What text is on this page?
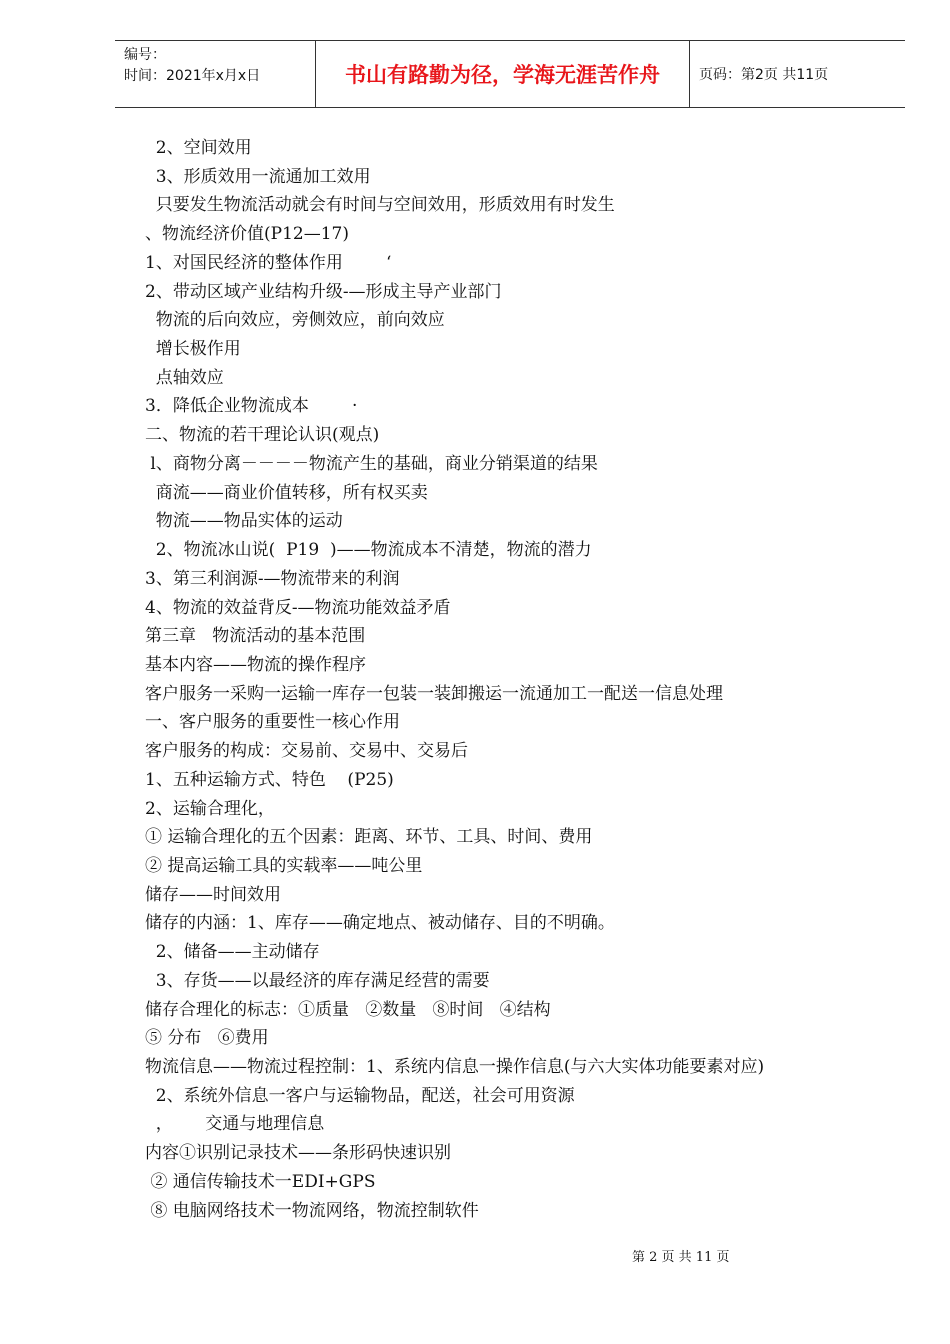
编号：
时间：2021年x月x日	书山有路勤为径，学海无涯苦作舟	页码：第2页 共11页
2、空间效用
3、形质效用一流通加工效用
只要发生物流活动就会有时间与空间效用，形质效用有时发生
、物流经济价值(P12—17)
1、对国民经济的整体作用        ‘
2、带动区域产业结构升级-—形成主导产业部门
物流的后向效应，旁侧效应，前向效应
增长极作用
点轴效应
3．降低企业物流成本        ·
二、物流的若干理论认识(观点)
l、商物分离－－－－物流产生的基础，商业分销渠道的结果
商流——商业价值转移，所有权买卖
物流——物品实体的运动
2、物流冰山说(  P19  )——物流成本不清楚，物流的潜力
3、第三利润源-—物流带来的利润
4、物流的效益背反-—物流功能效益矛盾
第三章   物流活动的基本范围
基本内容——物流的操作程序
客户服务一采购一运输一库存一包装一装卸搬运一流通加工一配送一信息处理
一、客户服务的重要性一核心作用
客户服务的构成：交易前、交易中、交易后
1、五种运输方式、特色    (P25)
2、运输合理化，
① 运输合理化的五个因素：距离、环节、工具、时间、费用
② 提高运输工具的实载率——吨公里
储存——时间效用
储存的内涵：1、库存——确定地点、被动储存、目的不明确。
2、储备——主动储存
3、存货——以最经济的库存满足经营的需要
储存合理化的标志：①质量   ②数量   ⑧时间   ④结构
⑤ 分布   ⑥费用
物流信息——物流过程控制：1、系统内信息一操作信息(与六大实体功能要素对应)
2、系统外信息一客户与运输物品，配送，社会可用资源
，      交通与地理信息
内容①识别记录技术——条形码快速识别
② 通信传输技术一EDI+GPS
⑧ 电脑网络技术一物流网络，物流控制软件
第 2 页 共 11 页
